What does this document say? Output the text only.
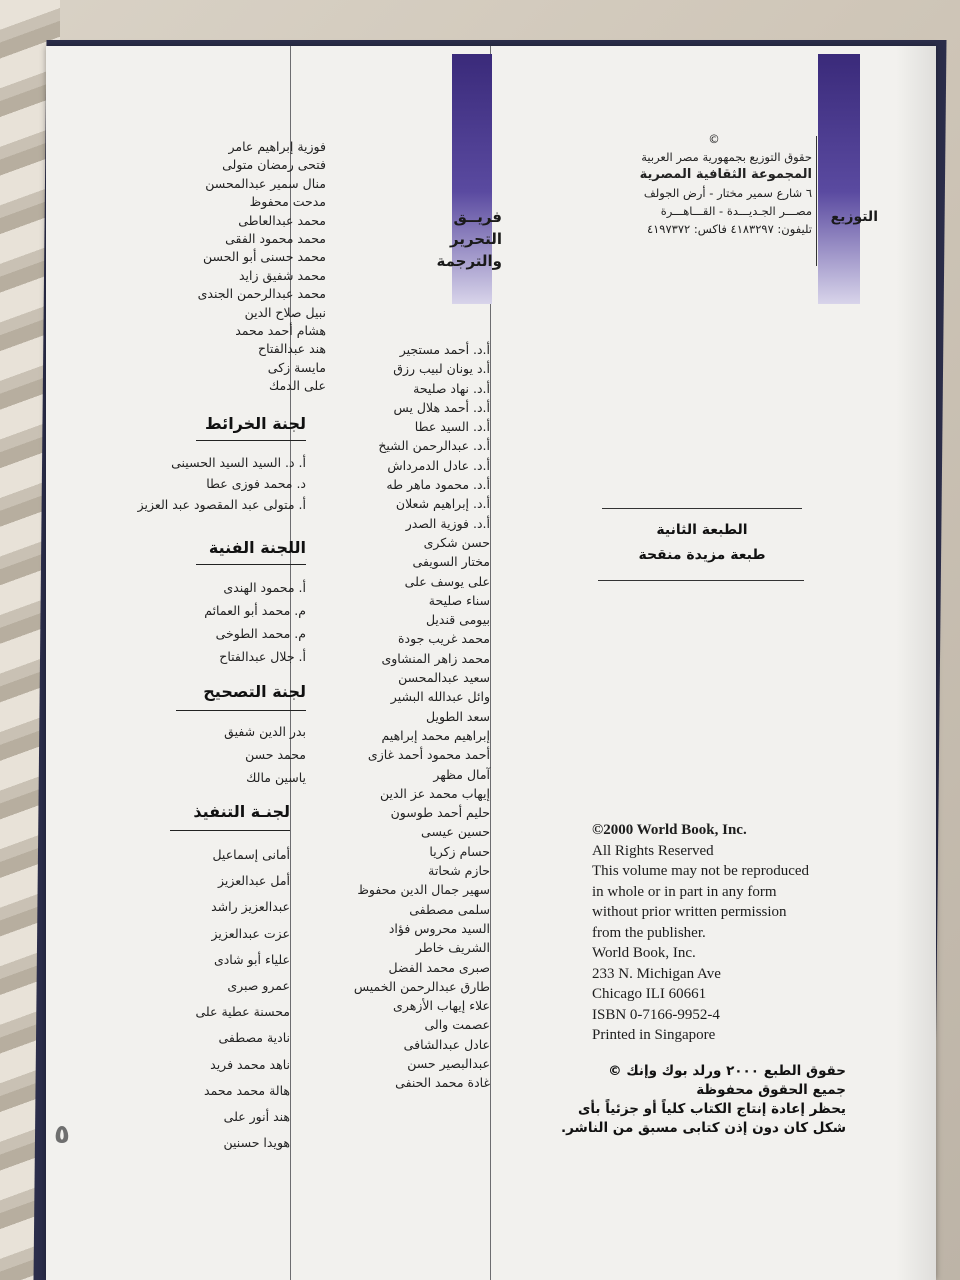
فريــق
التحرير
والترجمة
التوزيع
فوزية إبراهيم عامر
فتحى رمضان متولى
منال سمير عبدالمحسن
مدحت محفوظ
محمد عبدالعاطى
محمد محمود الفقى
محمد حسنى أبو الحسن
محمد شفيق زايد
محمد عبدالرحمن الجندى
نبيل صلاح الدين
هشام أحمد محمد
هند عبدالفتاح
مايسة زكى
على الدمك
لجنة الخرائط
أ. د. السيد السيد الحسينى
د. محمد فوزى عطا
أ. متولى عبد المقصود عبد العزيز
اللجنة الفنية
أ. محمود الهندى
م. محمد أبو العمائم
م. محمد الطوخى
أ. جلال عبدالفتاح
لجنة التصحيح
بدر الدين شفيق
محمد حسن
ياسين مالك
لجنـة التنفيذ
أمانى إسماعيل
أمل عبدالعزيز
عبدالعزيز راشد
عزت عبدالعزيز
علياء أبو شادى
عمرو صبرى
محسنة عطية على
نادية مصطفى
ناهد محمد فريد
هالة محمد محمد
هند أنور على
هويدا حسنين
أ.د. أحمد مستجير
أ.د يونان لبيب رزق
أ.د. نهاد صليحة
أ.د. أحمد هلال يس
أ.د. السيد عطا
أ.د. عبدالرحمن الشيخ
أ.د. عادل الدمرداش
أ.د. محمود ماهر طه
أ.د. إبراهيم شعلان
أ.د. فوزية الصدر
حسن شكرى
مختار السويفى
على يوسف على
سناء صليحة
بيومى قنديل
محمد غريب جودة
محمد زاهر المنشاوى
سعيد عبدالمحسن
وائل عبدالله البشير
سعد الطويل
إبراهيم محمد إبراهيم
أحمد محمود أحمد غازى
آمال مظهر
إيهاب محمد عز الدين
حليم أحمد طوسون
حسين عيسى
حسام زكريا
حازم شحاتة
سهير جمال الدين محفوظ
سلمى مصطفى
السيد محروس فؤاد
الشريف خاطر
صبرى محمد الفضل
طارق عبدالرحمن الخميس
علاء إيهاب الأزهرى
عصمت والى
عادل عبدالشافى
عبدالبصير حسن
غادة محمد الحنفى
©
حقوق التوزيع بجمهورية مصر العربية
المجموعة الثقافية المصرية
٦ شارع سمير مختار - أرض الجولف
مصـــر الجـديـــدة - القـــاهـــرة
تليفون: ٤١٨٣٢٩٧ فاكس: ٤١٩٧٣٧٢
الطبعة الثانية
طبعة مزيدة منقحة
©2000 World Book, Inc.
All Rights Reserved
This volume may not be reproduced
in whole or in part in any form
without prior written permission
from the publisher.
World Book, Inc.
233 N. Michigan Ave
Chicago ILI 60661
ISBN 0-7166-9952-4
Printed in Singapore
حقوق الطبع ٢٠٠٠ ورلد بوك وإنك ©
جميع الحقوق محفوظة
يحظر إعادة إنتاج الكتاب كلياً أو جزئياً بأى
شكل كان دون إذن كتابى مسبق من الناشر.
٥
